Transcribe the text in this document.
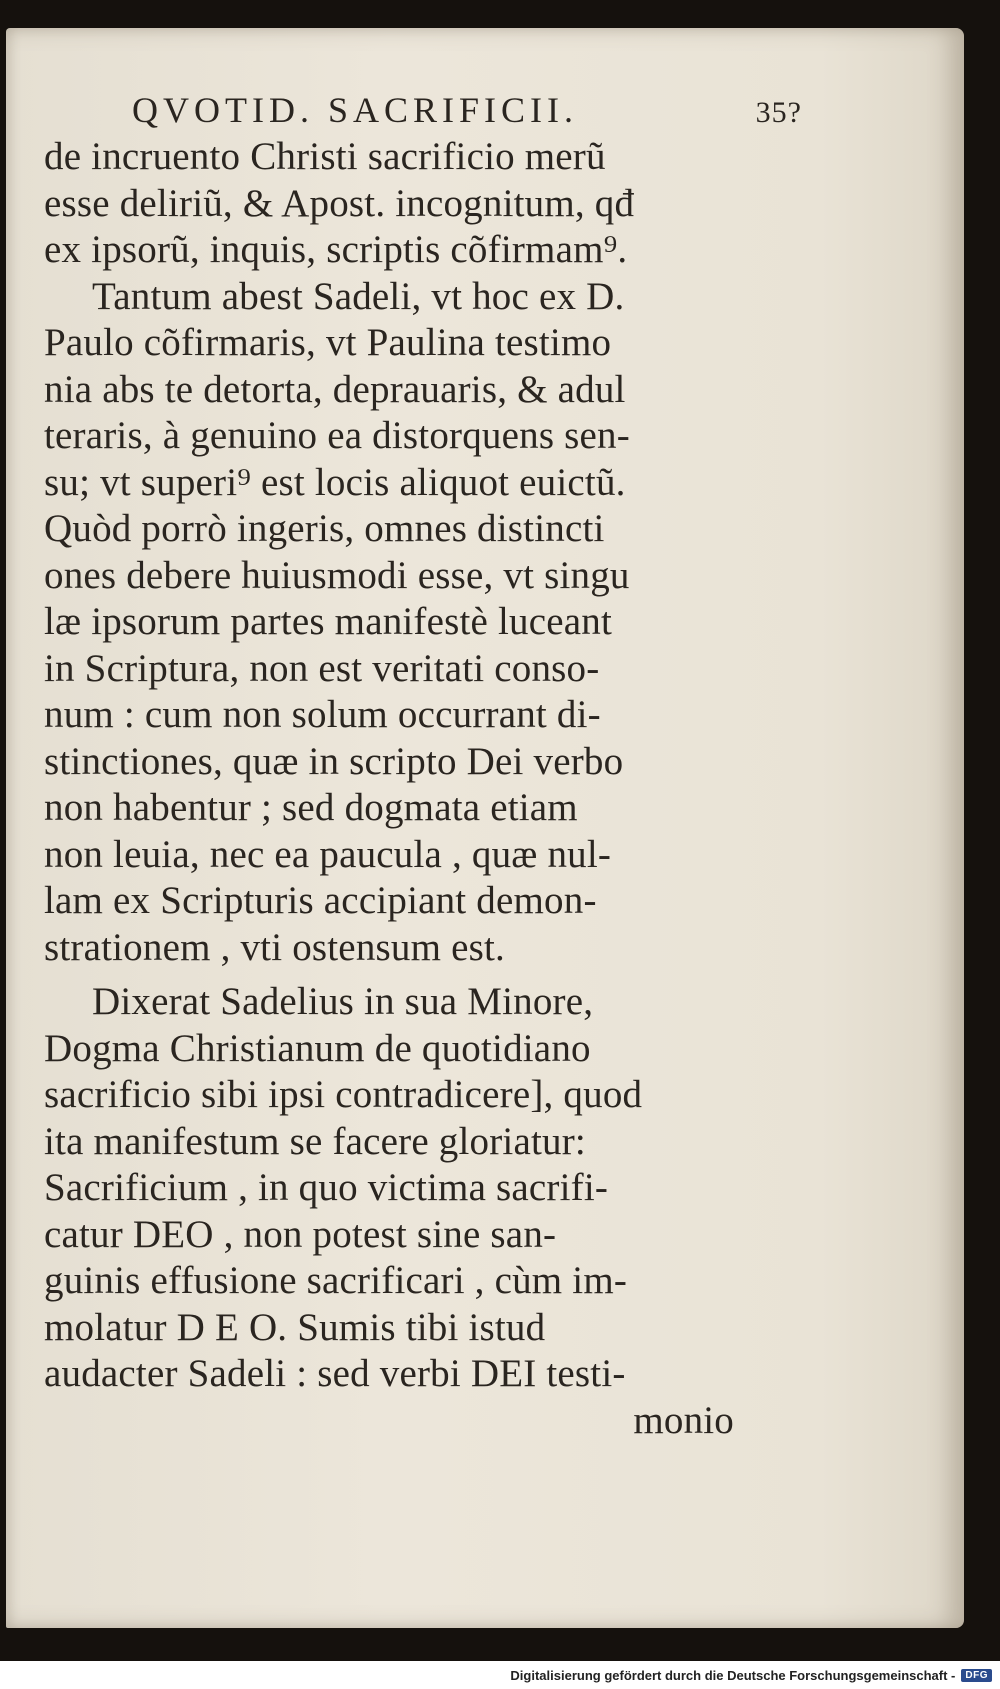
QVOTID. SACRIFICII.	35?
de incruento Christi sacrificio merũ
esse deliriũ, & Apost. incognitum, qđ
ex ipsorũ, inquis, scriptis cõfirmam⁹.
Tantum abest Sadeli, vt hoc ex D.
Paulo cõfirmaris, vt Paulina testimo
nia abs te detorta, deprauaris, & adul
teraris, à genuino ea distorquens sen-
su; vt superi⁹ est locis aliquot euictũ.
Quòd porrò ingeris, omnes distincti
ones debere huiusmodi esse, vt singu
læ ipsorum partes manifestè luceant
in Scriptura, non est veritati conso-
num : cum non solum occurrant di-
stinctiones, quæ in scripto Dei verbo
non habentur ; sed dogmata etiam
non leuia, nec ea paucula , quæ nul-
lam ex Scripturis accipiant demon-
strationem , vti ostensum est.
Dixerat Sadelius in sua Minore,
Dogma Christianum de quotidiano
sacrificio sibi ipsi contradicere], quod
ita manifestum se facere gloriatur:
Sacrificium , in quo victima sacrifi-
catur DEO , non potest sine san-
guinis effusione sacrificari , cùm im-
molatur D E O. Sumis tibi istud
audacter Sadeli : sed verbi DEI testi-
monio
Digitalisierung gefördert durch die Deutsche Forschungsgemeinschaft -	DFG
